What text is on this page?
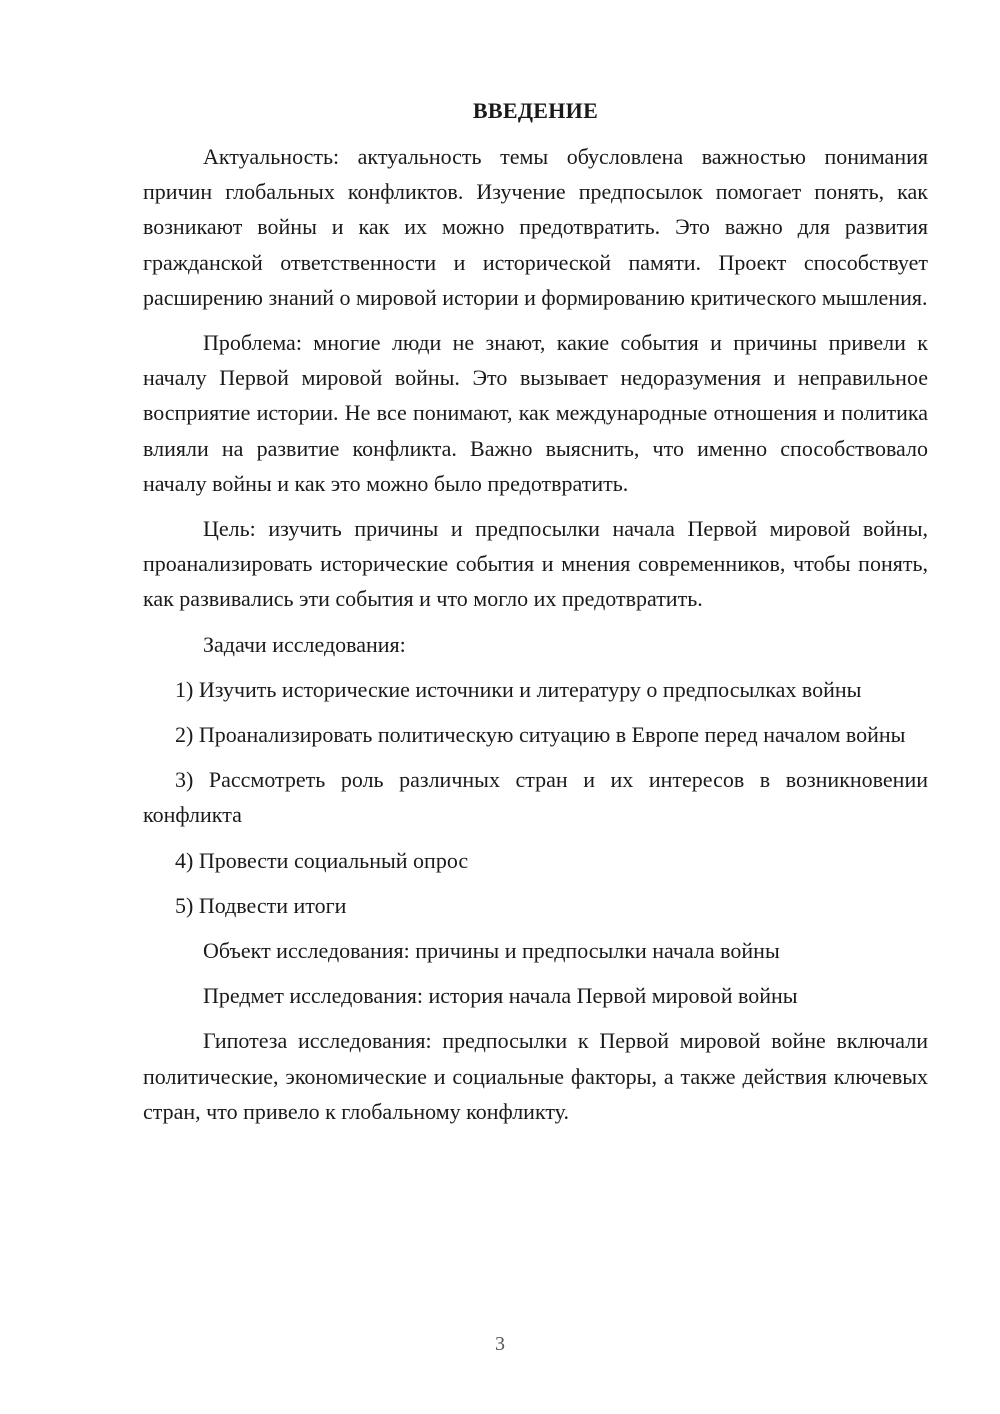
ВВЕДЕНИЕ

Актуальность: актуальность темы обусловлена важностью понимания причин глобальных конфликтов. Изучение предпосылок помогает понять, как возникают войны и как их можно предотвратить. Это важно для развития гражданской ответственности и исторической памяти. Проект способствует расширению знаний о мировой истории и формированию критического мышления.

Проблема: многие люди не знают, какие события и причины привели к началу Первой мировой войны. Это вызывает недоразумения и неправильное восприятие истории. Не все понимают, как международные отношения и политика влияли на развитие конфликта. Важно выяснить, что именно способствовало началу войны и как это можно было предотвратить.

Цель: изучить причины и предпосылки начала Первой мировой войны, проанализировать исторические события и мнения современников, чтобы понять, как развивались эти события и что могло их предотвратить.

Задачи исследования:

1) Изучить исторические источники и литературу о предпосылках войны

2) Проанализировать политическую ситуацию в Европе перед началом войны

3) Рассмотреть роль различных стран и их интересов в возникновении конфликта

4) Провести социальный опрос

5) Подвести итоги

Объект исследования: причины и предпосылки начала войны

Предмет исследования: история начала Первой мировой войны

Гипотеза исследования: предпосылки к Первой мировой войне включали политические, экономические и социальные факторы, а также действия ключевых стран, что привело к глобальному конфликту.

3
